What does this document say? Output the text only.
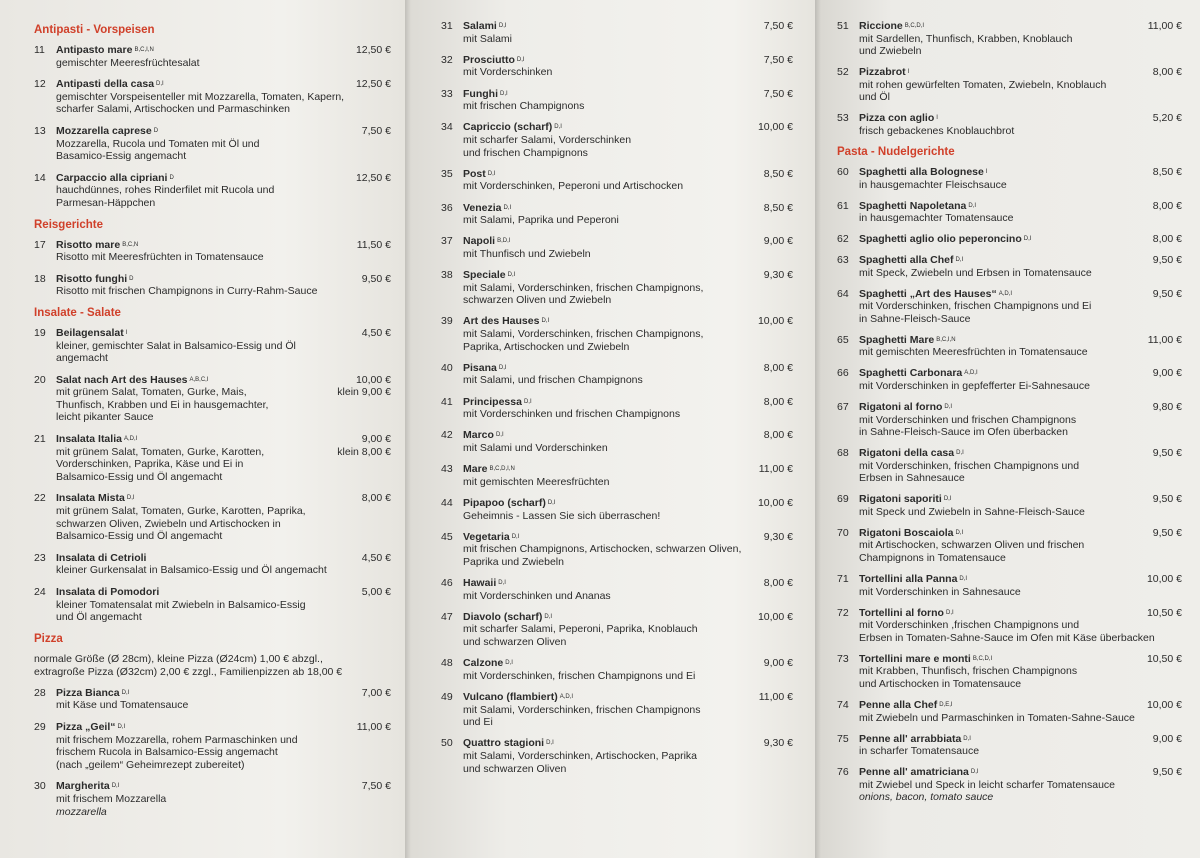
Antipasti - Vorspeisen
11	Antipasto mare B,C,I,N	12,50 €
gemischter Meeresfrüchtesalat
12 Antipasti della casa D,I	12,50 €
gemischter Vorspeisenteller mit Mozzarella, Tomaten, Kapern,
scharfer Salami, Artischocken und Parmaschinken
13 Mozzarella caprese D	7,50 €
Mozzarella, Rucola und Tomaten mit Öl und
Basamico-Essig angemacht
14 Carpaccio alla cipriani D	12,50 €
hauchdünnes, rohes Rinderfilet mit Rucola und
Parmesan-Häppchen
Reisgerichte
17 Risotto mare B,C,N	11,50 €
Risotto mit Meeresfrüchten in Tomatensauce
18 Risotto funghi D	9,50 €
Risotto mit frischen Champignons in Curry-Rahm-Sauce
Insalate - Salate
19 Beilagensalat I	4,50 €
kleiner, gemischter Salat in Balsamico-Essig und Öl
angemacht
20 Salat nach Art des Hauses A,B,C,I	10,00 €
klein 9,00 €
mit grünem Salat, Tomaten, Gurke, Mais,
Thunfisch, Krabben und Ei in hausgemachter,
leicht pikanter Sauce
21 Insalata Italia A,D,I	9,00 €
klein 8,00 €
mit grünem Salat, Tomaten, Gurke, Karotten,
Vorderschinken, Paprika, Käse und Ei in
Balsamico-Essig und Öl angemacht
22 Insalata Mista D,I	8,00 €
mit grünem Salat, Tomaten, Gurke, Karotten, Paprika,
schwarzen Oliven, Zwiebeln und Artischocken in
Balsamico-Essig und Öl angemacht
23 Insalata di Cetrioli	4,50 €
kleiner Gurkensalat in Balsamico-Essig und Öl angemacht
24 Insalata di Pomodori	5,00 €
kleiner Tomatensalat mit Zwiebeln in Balsamico-Essig
und Öl angemacht
Pizza
normale Größe (Ø 28cm), kleine Pizza (Ø24cm) 1,00 € abzgl.,
extragroße Pizza (Ø32cm) 2,00 € zzgl., Familienpizzen ab 18,00 €
28 Pizza Bianca D,I	7,00 €
mit Käse und Tomatensauce
29 Pizza „Geil“ D,I	11,00 €
mit frischem Mozzarella, rohem Parmaschinken und
frischem Rucola in Balsamico-Essig angemacht
(nach „geilem“ Geheimrezept zubereitet)
30 Margherita D,I	7,50 €
mit frischem Mozzarella
mozzarella
31 Salami D,I	7,50 €
mit Salami
32 Prosciutto D,I	7,50 €
mit Vorderschinken
33 Funghi D,I	7,50 €
mit frischen Champignons
34 Capriccio (scharf) D,I	10,00 €
mit scharfer Salami, Vorderschinken
und frischen Champignons
35 Post D,I	8,50 €
mit Vorderschinken, Peperoni und Artischocken
36 Venezia D,I	8,50 €
mit Salami, Paprika und Peperoni
37 Napoli B,D,I	9,00 €
mit Thunfisch und Zwiebeln
38 Speciale D,I	9,30 €
mit Salami, Vorderschinken, frischen Champignons,
schwarzen Oliven und Zwiebeln
39 Art des Hauses D,I	10,00 €
mit Salami, Vorderschinken, frischen Champignons,
Paprika, Artischocken und Zwiebeln
40 Pisana D,I	8,00 €
mit Salami, und frischen Champignons
41 Principessa D,I	8,00 €
mit Vorderschinken und frischen Champignons
42 Marco D,I	8,00 €
mit Salami und Vorderschinken
43 Mare B,C,D,I,N	11,00 €
mit gemischten Meeresfrüchten
44 Pipapoo (scharf) D,I	10,00 €
Geheimnis - Lassen Sie sich überraschen!
45 Vegetaria D,I	9,30 €
mit frischen Champignons, Artischocken, schwarzen Oliven,
Paprika und Zwiebeln
46 Hawaii D,I	8,00 €
mit Vorderschinken und Ananas
47 Diavolo (scharf) D,I	10,00 €
mit scharfer Salami, Peperoni, Paprika, Knoblauch
und schwarzen Oliven
48 Calzone D,I	9,00 €
mit Vorderschinken, frischen Champignons und Ei
49 Vulcano (flambiert) A,D,I	11,00 €
mit Salami, Vorderschinken, frischen Champignons
und Ei
50 Quattro stagioni D,I	9,30 €
mit Salami, Vorderschinken, Artischocken, Paprika
und schwarzen Oliven
51 Riccione B,C,D,I	11,00 €
mit Sardellen, Thunfisch, Krabben, Knoblauch
und Zwiebeln
52 Pizzabrot I	8,00 €
mit rohen gewürfelten Tomaten, Zwiebeln, Knoblauch
und Öl
53 Pizza con aglio I	5,20 €
frisch gebackenes Knoblauchbrot
Pasta - Nudelgerichte
60 Spaghetti alla Bolognese I	8,50 €
in hausgemachter Fleischsauce
61 Spaghetti Napoletana D,I	8,00 €
in hausgemachter Tomatensauce
62 Spaghetti aglio olio peperoncino D,I	8,00 €
63 Spaghetti alla Chef D,I	9,50 €
mit Speck, Zwiebeln und Erbsen in Tomatensauce
64 Spaghetti „Art des Hauses“ A,D,I	9,50 €
mit Vorderschinken, frischen Champignons und Ei
in Sahne-Fleisch-Sauce
65 Spaghetti Mare B,C,I,N	11,00 €
mit gemischten Meeresfrüchten in Tomatensauce
66 Spaghetti Carbonara A,D,I	9,00 €
mit Vorderschinken in gepfefferter Ei-Sahnesauce
67 Rigatoni al forno D,I	9,80 €
mit Vorderschinken und frischen Champignons
in Sahne-Fleisch-Sauce im Ofen überbacken
68 Rigatoni della casa D,I	9,50 €
mit Vorderschinken, frischen Champignons und
Erbsen in Sahnesauce
69 Rigatoni saporiti D,I	9,50 €
mit Speck und Zwiebeln in Sahne-Fleisch-Sauce
70 Rigatoni Boscaiola D,I	9,50 €
mit Artischocken, schwarzen Oliven und frischen
Champignons in Tomatensauce
71 Tortellini alla Panna D,I	10,00 €
mit Vorderschinken in Sahnesauce
72 Tortellini al forno D,I	10,50 €
mit Vorderschinken ,frischen Champignons und
Erbsen in Tomaten-Sahne-Sauce im Ofen mit Käse überbacken
73 Tortellini mare e monti B,C,D,I	10,50 €
mit Krabben, Thunfisch, frischen Champignons
und Artischocken in Tomatensauce
74 Penne alla Chef D,E,I	10,00 €
mit Zwiebeln und Parmaschinken in Tomaten-Sahne-Sauce
75 Penne all' arrabbiata D,I	9,00 €
in scharfer Tomatensauce
76 Penne all' amatriciana D,I	9,50 €
mit Zwiebel und Speck in leicht scharfer Tomatensauce
onions, bacon, tomato sauce
